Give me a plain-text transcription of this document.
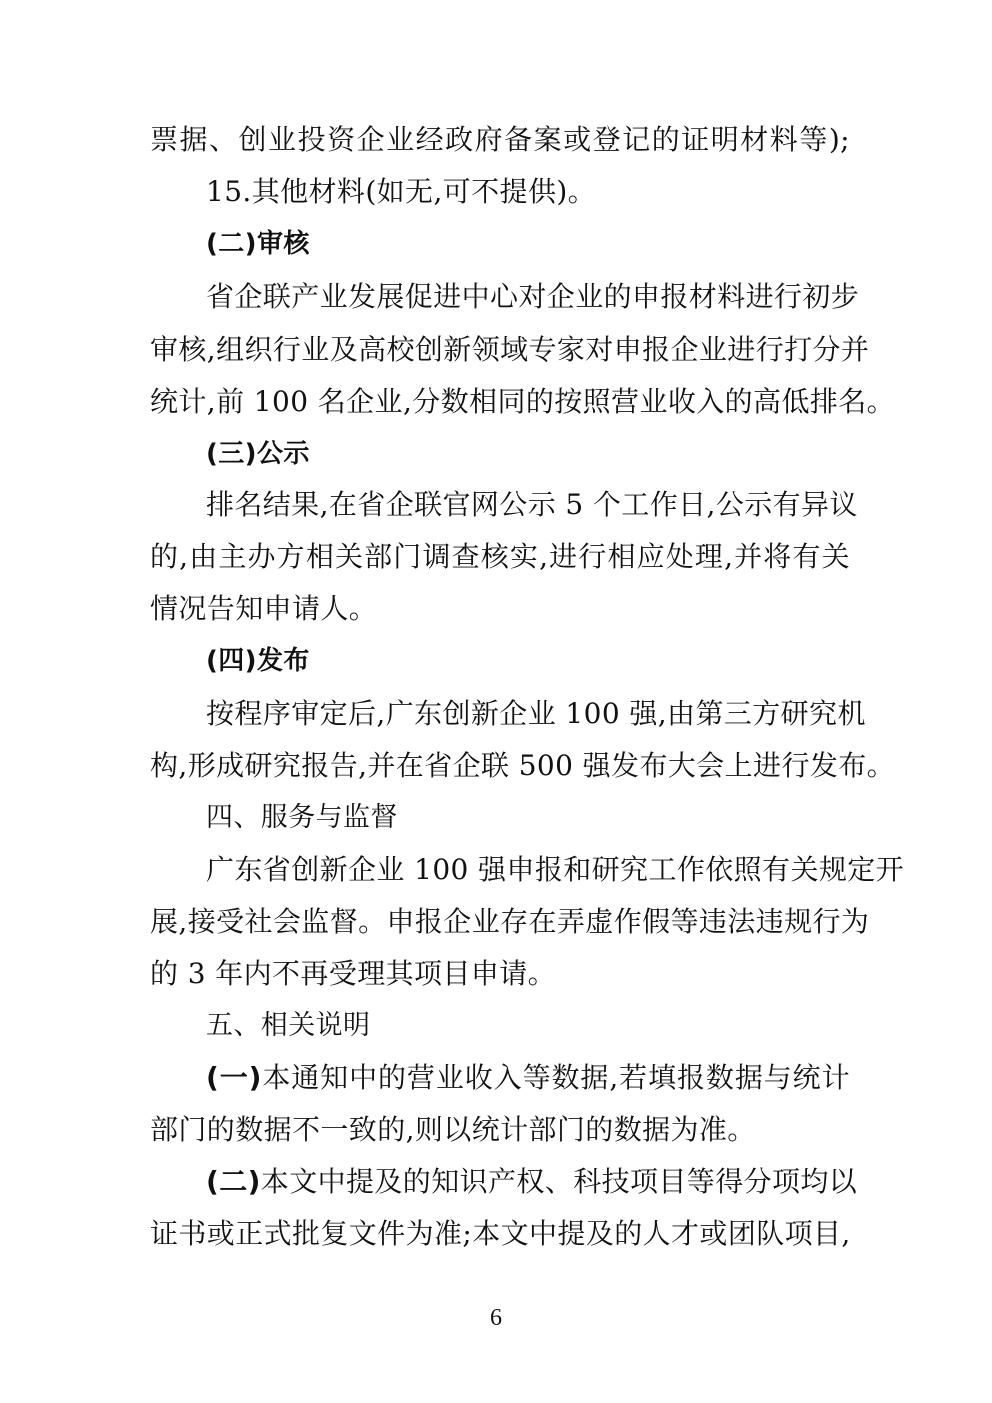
票据、创业投资企业经政府备案或登记的证明材料等);
15.其他材料(如无,可不提供)。
(二)审核
省企联产业发展促进中心对企业的申报材料进行初步
审核,组织行业及高校创新领域专家对申报企业进行打分并
统计,前 100 名企业,分数相同的按照营业收入的高低排名。
(三)公示
排名结果,在省企联官网公示 5 个工作日,公示有异议
的,由主办方相关部门调查核实,进行相应处理,并将有关
情况告知申请人。
(四)发布
按程序审定后,广东创新企业 100 强,由第三方研究机
构,形成研究报告,并在省企联 500 强发布大会上进行发布。
四、服务与监督
广东省创新企业 100 强申报和研究工作依照有关规定开
展,接受社会监督。申报企业存在弄虚作假等违法违规行为
的 3 年内不再受理其项目申请。
五、相关说明
(一)本通知中的营业收入等数据,若填报数据与统计
部门的数据不一致的,则以统计部门的数据为准。
(二)本文中提及的知识产权、科技项目等得分项均以
证书或正式批复文件为准;本文中提及的人才或团队项目,
6
